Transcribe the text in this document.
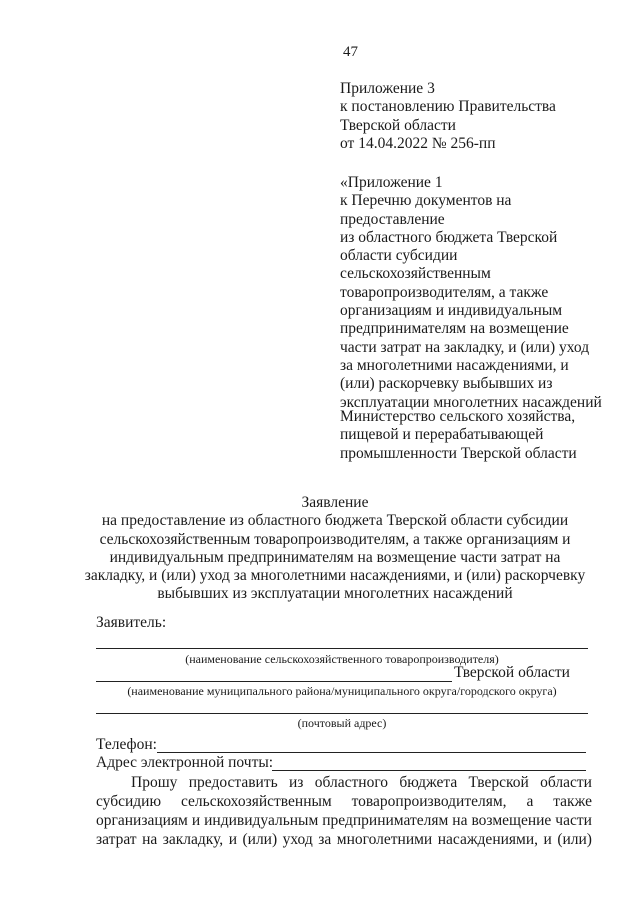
47
Приложение 3
к постановлению Правительства
Тверской области
от 14.04.2022 № 256-пп
«Приложение 1
к Перечню документов на
предоставление
из областного бюджета Тверской
области субсидии
сельскохозяйственным
товаропроизводителям, а также
организациям и индивидуальным
предпринимателям на возмещение
части затрат на закладку, и (или) уход
за многолетними насаждениями, и
(или) раскорчевку выбывших из
эксплуатации многолетних насаждений
Министерство сельского хозяйства,
пищевой и перерабатывающей
промышленности Тверской области
Заявление
на предоставление из областного бюджета Тверской области субсидии
сельскохозяйственным товаропроизводителям, а также организациям и
индивидуальным предпринимателям на возмещение части затрат на
закладку, и (или) уход за многолетними насаждениями, и (или) раскорчевку
выбывших из эксплуатации многолетних насаждений
Заявитель:
(наименование сельскохозяйственного товаропроизводителя)
Тверской области
(наименование муниципального района/муниципального округа/городского округа)
(почтовый адрес)
Телефон:
Адрес электронной почты:
Прошу предоставить из областного бюджета Тверской области
субсидию сельскохозяйственным товаропроизводителям, а также
организациям и индивидуальным предпринимателям на возмещение части
затрат на закладку, и (или) уход за многолетними насаждениями, и (или)
